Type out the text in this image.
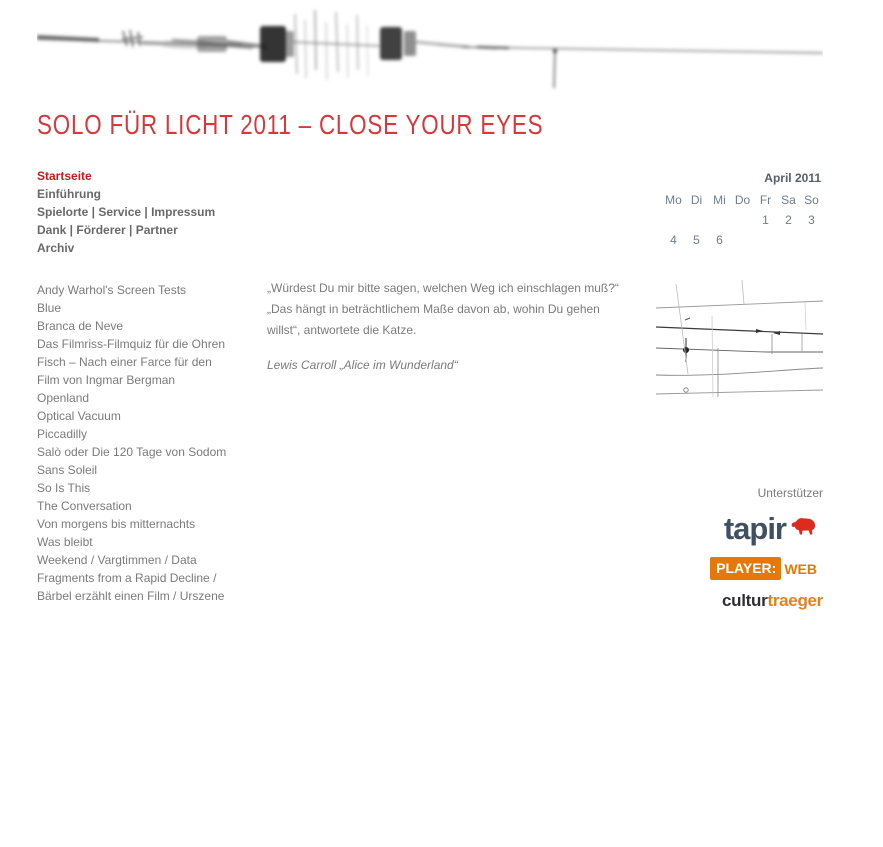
SOLO FÜR LICHT 2011 – CLOSE YOUR EYES
Startseite
Einführung
Spielorte | Service | Impressum
Dank | Förderer | Partner
Archiv
Andy Warhol's Screen Tests
Blue
Branca de Neve
Das Filmriss-Filmquiz für die Ohren
Fisch – Nach einer Farce für den Film von Ingmar Bergman
Openland
Optical Vacuum
Piccadilly
Salò oder Die 120 Tage von Sodom
Sans Soleil
So Is This
The Conversation
Von morgens bis mitternachts
Was bleibt
Weekend / Vargtimmen / Data Fragments from a Rapid Decline / Bärbel erzählt einen Film / Urszene
„Würdest Du mir bitte sagen, welchen Weg ich einschlagen muß?“
„Das hängt in beträchtlichem Maße davon ab, wohin Du gehen
willst“, antwortete die Katze.
Lewis Carroll „Alice im Wunderland“
April 2011
Mo	Di	Mi	Do	Fr	Sa	So
				1	2	3
4	5	6				
Unterstützer
tapir
PLAYER: WEB
culturtraeger
